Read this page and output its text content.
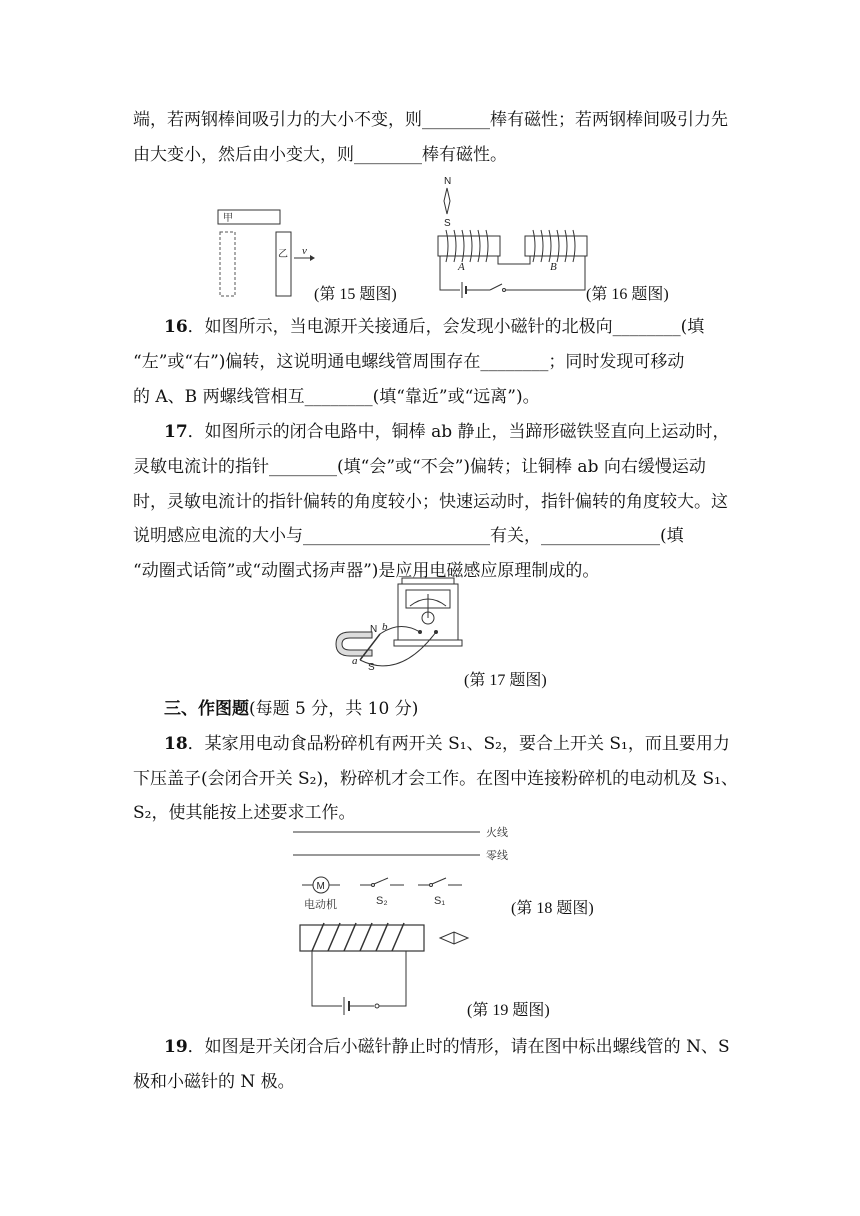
端，若两钢棒间吸引力的大小不变，则________棒有磁性；若两钢棒间吸引力先
由大变小，然后由小变大，则________棒有磁性。
甲
乙 v
(第 15 题图)
N
S
A	B
(第 16 题图)
16．如图所示，当电源开关接通后，会发现小磁针的北极向________(填
“左”或“右”)偏转，这说明通电螺线管周围存在________；同时发现可移动
的 A、B 两螺线管相互________(填“靠近”或“远离”)。
17．如图所示的闭合电路中，铜棒 ab 静止，当蹄形磁铁竖直向上运动时，
灵敏电流计的指针________(填“会”或“不会”)偏转；让铜棒 ab 向右缓慢运动
时，灵敏电流计的指针偏转的角度较小；快速运动时，指针偏转的角度较大。这
说明感应电流的大小与______________________有关，______________(填
“动圈式话筒”或“动圈式扬声器”)是应用电磁感应原理制成的。
N
S
a
b
(第 17 题图)
三、作图题(每题 5 分，共 10 分)
18．某家用电动食品粉碎机有两开关 S₁、S₂，要合上开关 S₁，而且要用力
下压盖子(会闭合开关 S₂)，粉碎机才会工作。在图中连接粉碎机的电动机及 S₁、
S₂，使其能按上述要求工作。
火线
零线
M
电动机	S₂	S₁	(第 18 题图)
(第 19 题图)
19．如图是开关闭合后小磁针静止时的情形，请在图中标出螺线管的 N、S
极和小磁针的 N 极。
